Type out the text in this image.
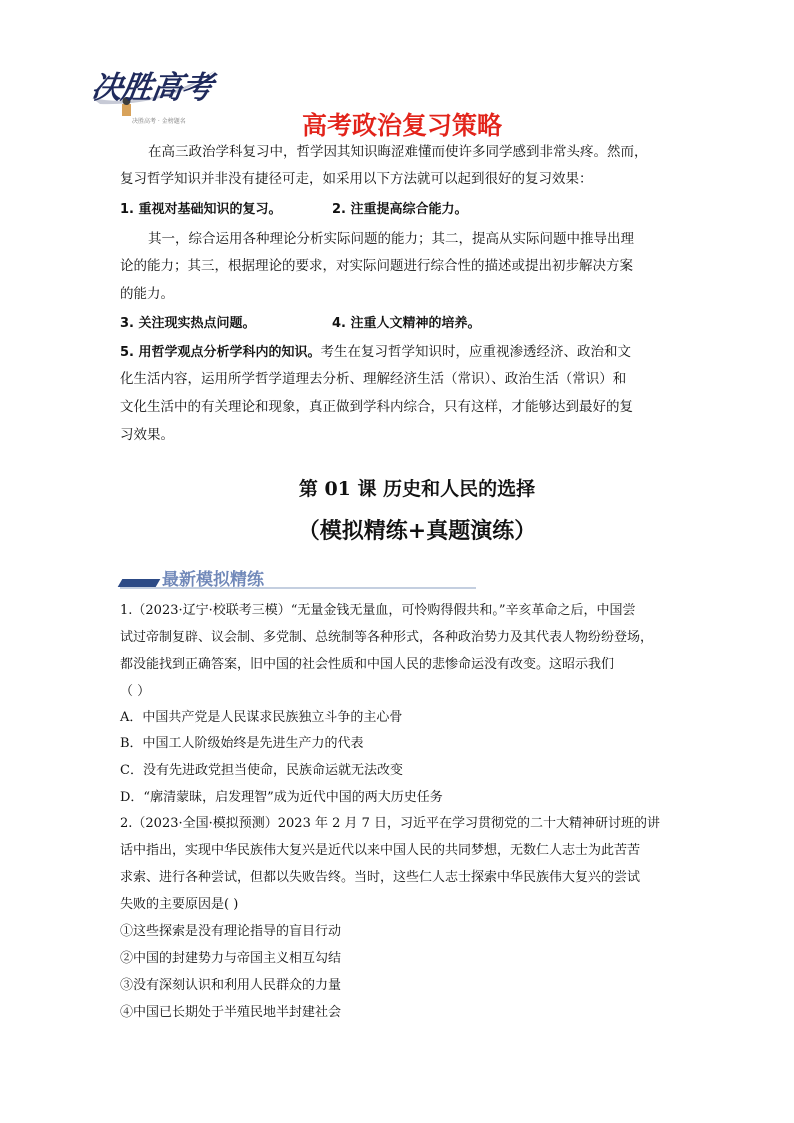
决胜高考
决胜高考 · 金榜题名	高考政治复习策略
在高三政治学科复习中，哲学因其知识晦涩难懂而使许多同学感到非常头疼。然而，
复习哲学知识并非没有捷径可走，如采用以下方法就可以起到很好的复习效果：
1. 重视对基础知识的复习。	2. 注重提高综合能力。
其一，综合运用各种理论分析实际问题的能力；其二，提高从实际问题中推导出理
论的能力；其三，根据理论的要求，对实际问题进行综合性的描述或提出初步解决方案
的能力。
3. 关注现实热点问题。	4. 注重人文精神的培养。
5. 用哲学观点分析学科内的知识。考生在复习哲学知识时，应重视渗透经济、政治和文
化生活内容，运用所学哲学道理去分析、理解经济生活（常识）、政治生活（常识）和
文化生活中的有关理论和现象，真正做到学科内综合，只有这样，才能够达到最好的复
习效果。
第 01 课 历史和人民的选择
（模拟精练+真题演练）
最新模拟精练
1.（2023·辽宁·校联考三模）“无量金钱无量血，可怜购得假共和。”辛亥革命之后，中国尝
试过帝制复辟、议会制、多党制、总统制等各种形式，各种政治势力及其代表人物纷纷登场，
都没能找到正确答案，旧中国的社会性质和中国人民的悲惨命运没有改变。这昭示我们
（ ）
A．中国共产党是人民谋求民族独立斗争的主心骨
B．中国工人阶级始终是先进生产力的代表
C．没有先进政党担当使命，民族命运就无法改变
D．“廓清蒙昧，启发理智”成为近代中国的两大历史任务
2.（2023·全国·模拟预测）2023 年 2 月 7 日，习近平在学习贯彻党的二十大精神研讨班的讲
话中指出，实现中华民族伟大复兴是近代以来中国人民的共同梦想，无数仁人志士为此苦苦
求索、进行各种尝试，但都以失败告终。当时，这些仁人志士探索中华民族伟大复兴的尝试
失败的主要原因是( )
①这些探索是没有理论指导的盲目行动
②中国的封建势力与帝国主义相互勾结
③没有深刻认识和利用人民群众的力量
④中国已长期处于半殖民地半封建社会
